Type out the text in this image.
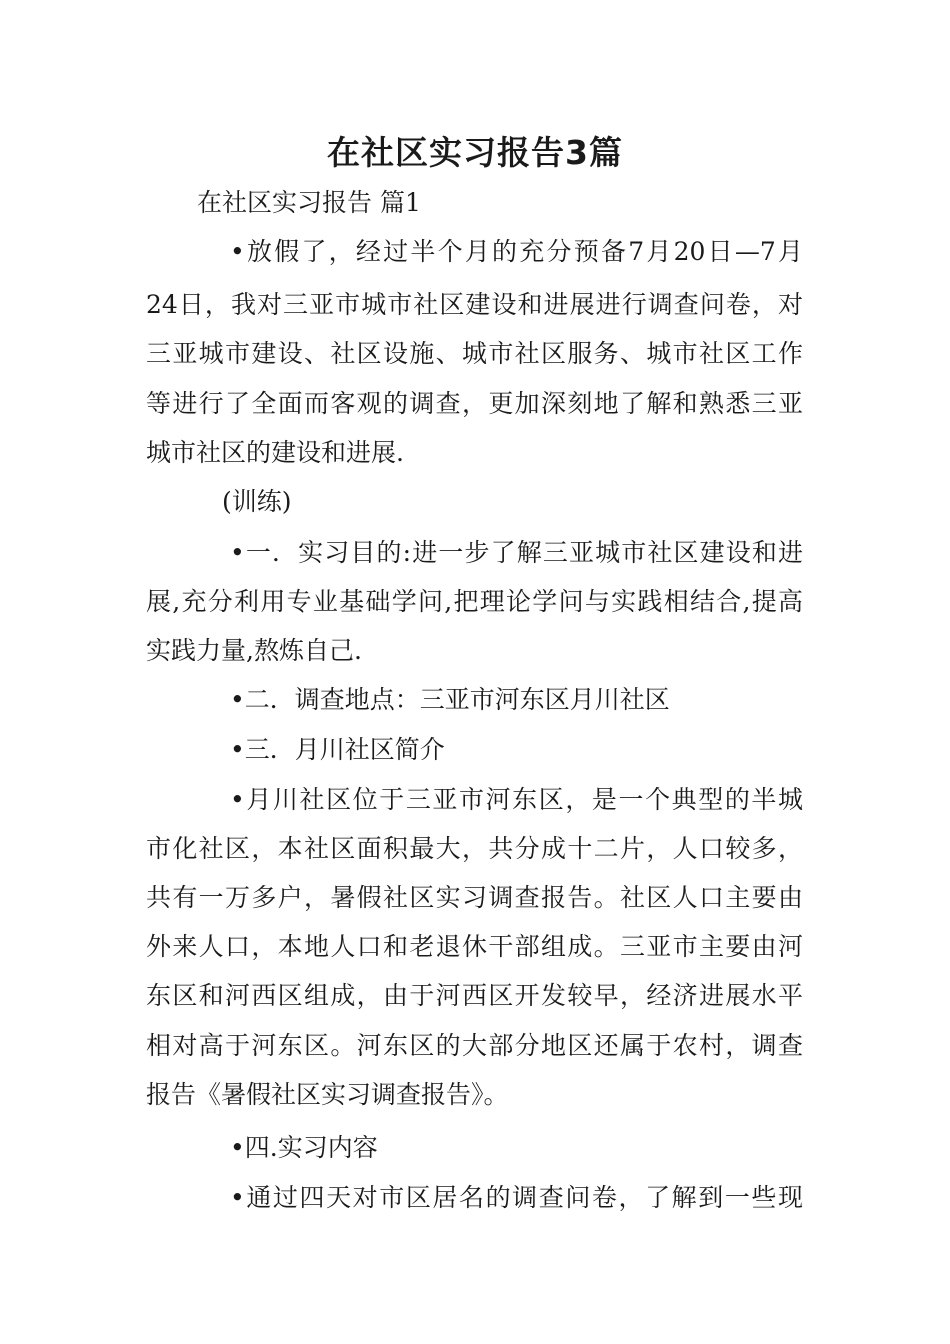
在社区实习报告3篇
在社区实习报告 篇1
•放假了，经过半个月的充分预备7月20日—7月
24日，我对三亚市城市社区建设和进展进行调查问卷，对
三亚城市建设、社区设施、城市社区服务、城市社区工作
等进行了全面而客观的调查，更加深刻地了解和熟悉三亚
城市社区的建设和进展.
(训练)
•一．实习目的:进一步了解三亚城市社区建设和进
展,充分利用专业基础学问,把理论学问与实践相结合,提高
实践力量,熬炼自己.
•二．调查地点：三亚市河东区月川社区
•三．月川社区简介
•月川社区位于三亚市河东区，是一个典型的半城
市化社区，本社区面积最大，共分成十二片，人口较多，
共有一万多户，暑假社区实习调查报告。社区人口主要由
外来人口，本地人口和老退休干部组成。三亚市主要由河
东区和河西区组成，由于河西区开发较早，经济进展水平
相对高于河东区。河东区的大部分地区还属于农村，调查
报告《暑假社区实习调查报告》。
•四.实习内容
•通过四天对市区居名的调查问卷，了解到一些现
